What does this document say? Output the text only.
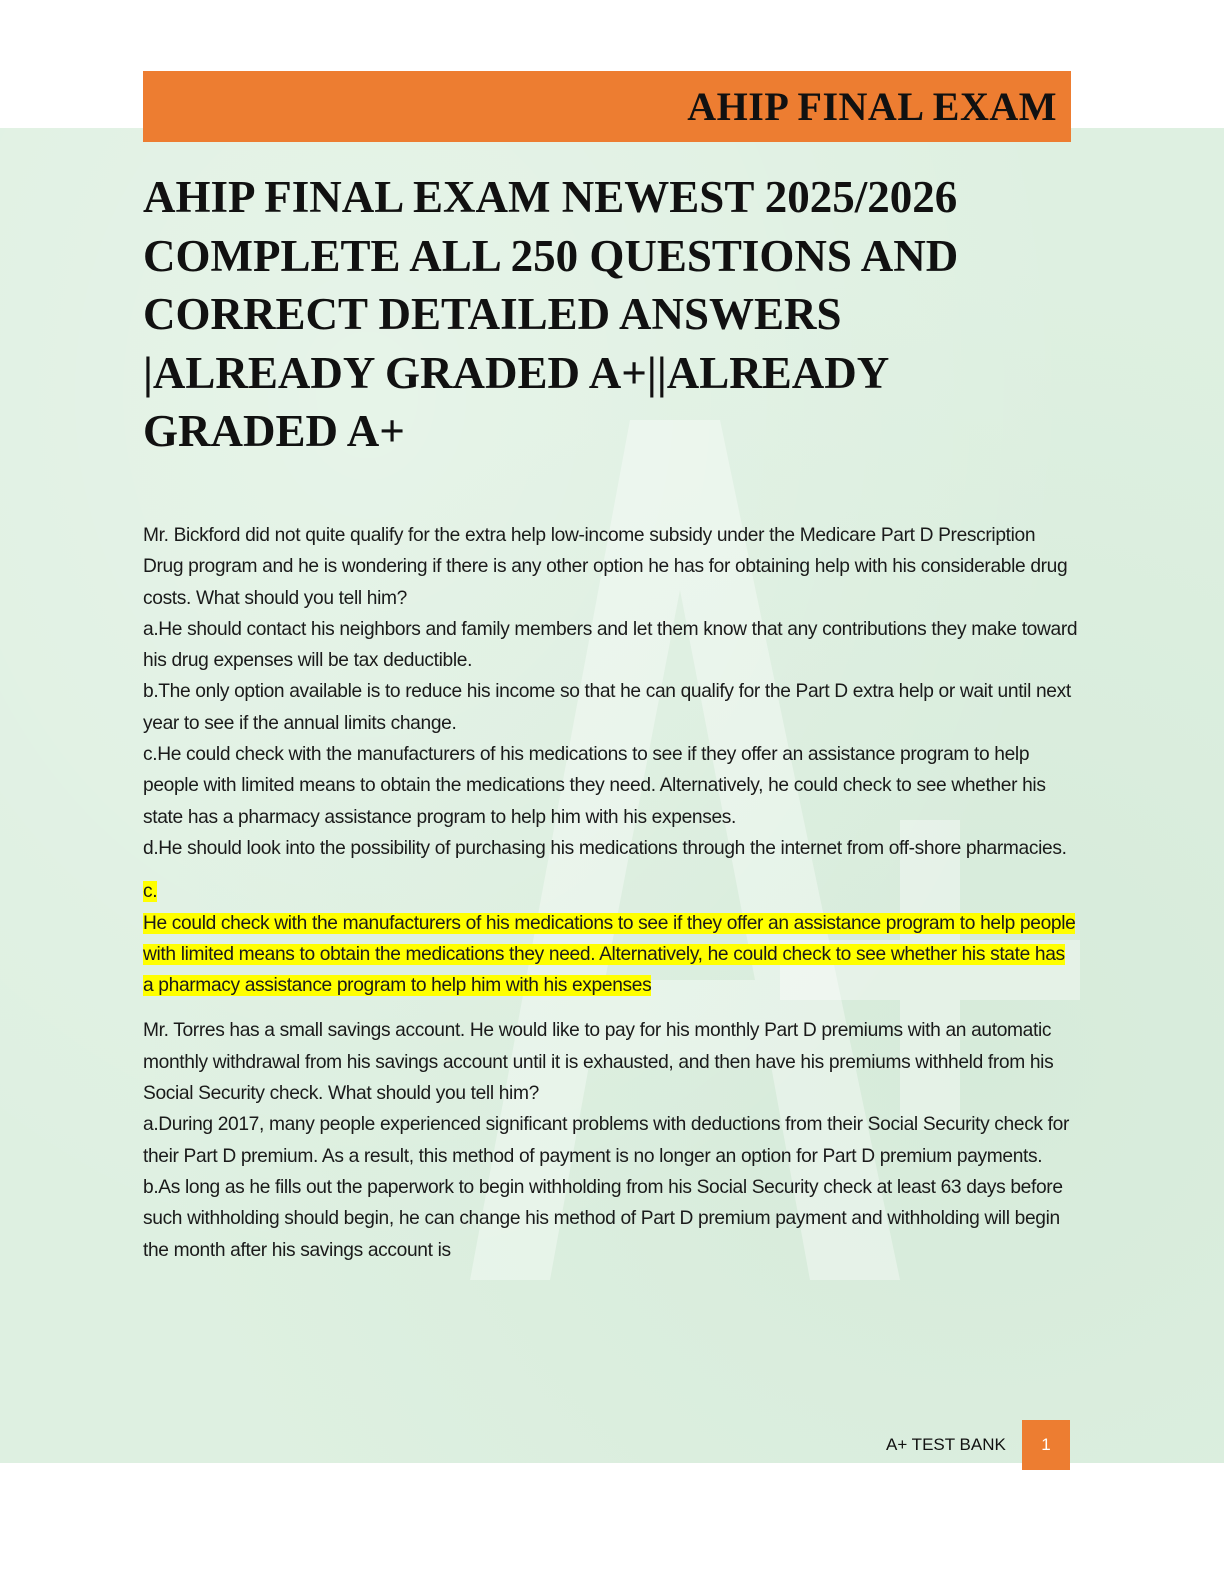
AHIP FINAL EXAM
AHIP FINAL EXAM NEWEST 2025/2026 COMPLETE ALL 250 QUESTIONS AND CORRECT DETAILED ANSWERS |ALREADY GRADED A+||ALREADY GRADED A+

Mr. Bickford did not quite qualify for the extra help low-income subsidy under the Medicare Part D Prescription Drug program and he is wondering if there is any other option he has for obtaining help with his considerable drug costs. What should you tell him?

a.He should contact his neighbors and family members and let them know that any contributions they make toward his drug expenses will be tax deductible.

b.The only option available is to reduce his income so that he can qualify for the Part D extra help or wait until next year to see if the annual limits change.

c.He could check with the manufacturers of his medications to see if they offer an assistance program to help people with limited means to obtain the medications they need. Alternatively, he could check to see whether his state has a pharmacy assistance program to help him with his expenses.

d.He should look into the possibility of purchasing his medications through the internet from off-shore pharmacies.

c.

He could check with the manufacturers of his medications to see if they offer an assistance program to help people with limited means to obtain the medications they need. Alternatively, he could check to see whether his state has a pharmacy assistance program to help him with his expenses

Mr. Torres has a small savings account. He would like to pay for his monthly Part D premiums with an automatic monthly withdrawal from his savings account until it is exhausted, and then have his premiums withheld from his Social Security check. What should you tell him?

a.During 2017, many people experienced significant problems with deductions from their Social Security check for their Part D premium. As a result, this method of payment is no longer an option for Part D premium payments.

b.As long as he fills out the paperwork to begin withholding from his Social Security check at least 63 days before such withholding should begin, he can change his method of Part D premium payment and withholding will begin the month after his savings account is

A+ TEST BANK	1
